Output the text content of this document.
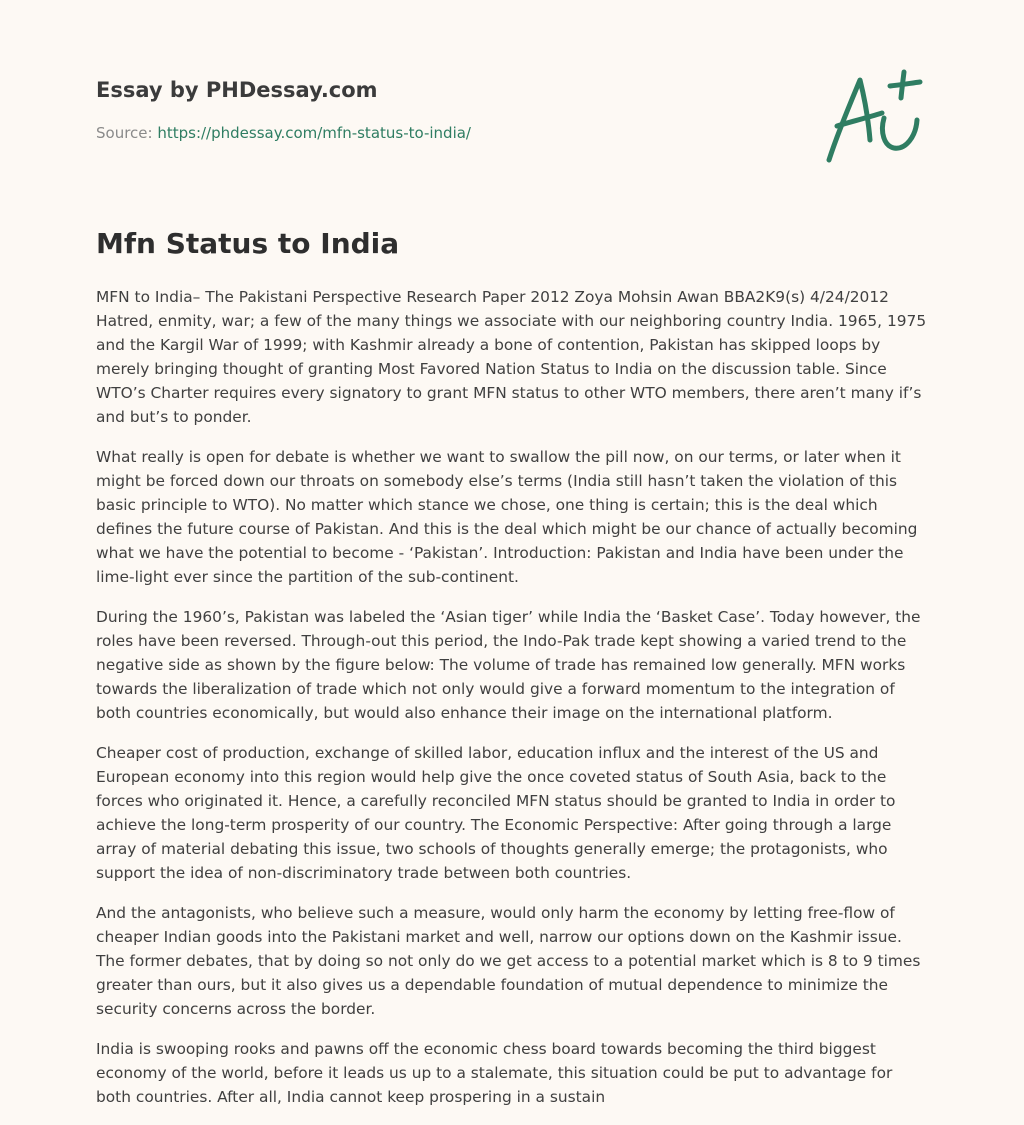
Essay by PHDessay.com
Source: https://phdessay.com/mfn-status-to-india/
Mfn Status to India

MFN to India– The Pakistani Perspective Research Paper 2012 Zoya Mohsin Awan BBA2K9(s) 4/24/2012 Hatred, enmity, war; a few of the many things we associate with our neighboring country India. 1965, 1975 and the Kargil War of 1999; with Kashmir already a bone of contention, Pakistan has skipped loops by merely bringing thought of granting Most Favored Nation Status to India on the discussion table. Since WTO’s Charter requires every signatory to grant MFN status to other WTO members, there aren’t many if’s and but’s to ponder.

What really is open for debate is whether we want to swallow the pill now, on our terms, or later when it might be forced down our throats on somebody else’s terms (India still hasn’t taken the violation of this basic principle to WTO). No matter which stance we chose, one thing is certain; this is the deal which defines the future course of Pakistan. And this is the deal which might be our chance of actually becoming what we have the potential to become - ‘Pakistan’. Introduction: Pakistan and India have been under the lime-light ever since the partition of the sub-continent.

During the 1960’s, Pakistan was labeled the ‘Asian tiger’ while India the ‘Basket Case’. Today however, the roles have been reversed. Through-out this period, the Indo-Pak trade kept showing a varied trend to the negative side as shown by the figure below: The volume of trade has remained low generally. MFN works towards the liberalization of trade which not only would give a forward momentum to the integration of both countries economically, but would also enhance their image on the international platform.

Cheaper cost of production, exchange of skilled labor, education influx and the interest of the US and European economy into this region would help give the once coveted status of South Asia, back to the forces who originated it. Hence, a carefully reconciled MFN status should be granted to India in order to achieve the long-term prosperity of our country. The Economic Perspective: After going through a large array of material debating this issue, two schools of thoughts generally emerge; the protagonists, who support the idea of non-discriminatory trade between both countries.

And the antagonists, who believe such a measure, would only harm the economy by letting free-flow of cheaper Indian goods into the Pakistani market and well, narrow our options down on the Kashmir issue. The former debates, that by doing so not only do we get access to a potential market which is 8 to 9 times greater than ours, but it also gives us a dependable foundation of mutual dependence to minimize the security concerns across the border.

India is swooping rooks and pawns off the economic chess board towards becoming the third biggest economy of the world, before it leads us up to a stalemate, this situation could be put to advantage for both countries. After all, India cannot keep prospering in a sustain
